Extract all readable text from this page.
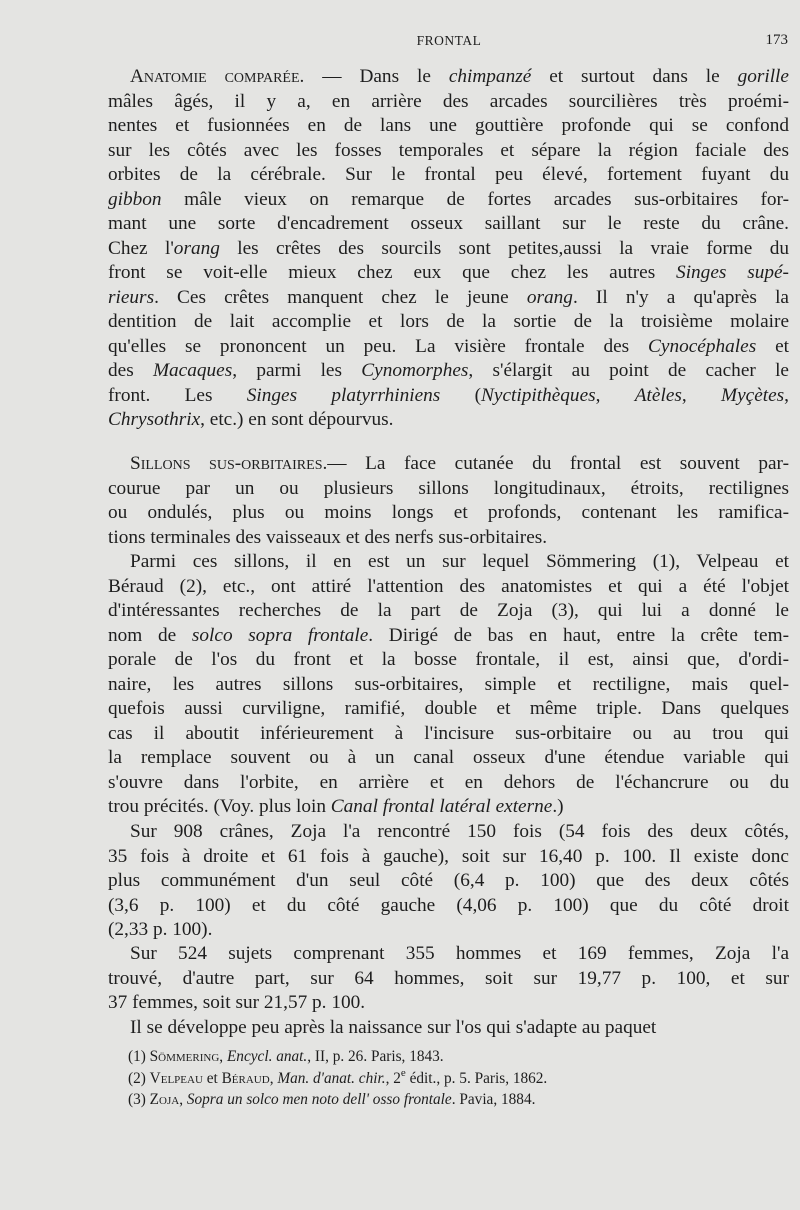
FRONTAL	173
Anatomie comparée. — Dans le chimpanzé et surtout dans le gorille
mâles âgés, il y a, en arrière des arcades sourcilières très proémi-
nentes et fusionnées en de lans une gouttière profonde qui se confond
sur les côtés avec les fosses temporales et sépare la région faciale des
orbites de la cérébrale. Sur le frontal peu élevé, fortement fuyant du
gibbon mâle vieux on remarque de fortes arcades sus-orbitaires for-
mant une sorte d'encadrement osseux saillant sur le reste du crâne.
Chez l'orang les crêtes des sourcils sont petites,aussi la vraie forme du
front se voit-elle mieux chez eux que chez les autres Singes supé-
rieurs. Ces crêtes manquent chez le jeune orang. Il n'y a qu'après la
dentition de lait accomplie et lors de la sortie de la troisième molaire
qu'elles se prononcent un peu. La visière frontale des Cynocéphales et
des Macaques, parmi les Cynomorphes, s'élargit au point de cacher le
front. Les Singes platyrrhiniens (Nyctipithèques, Atèles, Myçètes,
Chrysothrix, etc.) en sont dépourvus.
Sillons sus-orbitaires.— La face cutanée du frontal est souvent par-
courue par un ou plusieurs sillons longitudinaux, étroits, rectilignes
ou ondulés, plus ou moins longs et profonds, contenant les ramifica-
tions terminales des vaisseaux et des nerfs sus-orbitaires.
Parmi ces sillons, il en est un sur lequel Sömmering (1), Velpeau et
Béraud (2), etc., ont attiré l'attention des anatomistes et qui a été l'objet
d'intéressantes recherches de la part de Zoja (3), qui lui a donné le
nom de solco sopra frontale. Dirigé de bas en haut, entre la crête tem-
porale de l'os du front et la bosse frontale, il est, ainsi que, d'ordi-
naire, les autres sillons sus-orbitaires, simple et rectiligne, mais quel-
quefois aussi curviligne, ramifié, double et même triple. Dans quelques
cas il aboutit inférieurement à l'incisure sus-orbitaire ou au trou qui
la remplace souvent ou à un canal osseux d'une étendue variable qui
s'ouvre dans l'orbite, en arrière et en dehors de l'échancrure ou du
trou précités. (Voy. plus loin Canal frontal latéral externe.)
Sur 908 crânes, Zoja l'a rencontré 150 fois (54 fois des deux côtés,
35 fois à droite et 61 fois à gauche), soit sur 16,40 p. 100. Il existe donc
plus communément d'un seul côté (6,4 p. 100) que des deux côtés
(3,6 p. 100) et du côté gauche (4,06 p. 100) que du côté droit
(2,33 p. 100).
Sur 524 sujets comprenant 355 hommes et 169 femmes, Zoja l'a
trouvé, d'autre part, sur 64 hommes, soit sur 19,77 p. 100, et sur
37 femmes, soit sur 21,57 p. 100.
Il se développe peu après la naissance sur l'os qui s'adapte au paquet
(1) Sömmering, Encycl. anat., II, p. 26. Paris, 1843.
(2) Velpeau et Béraud, Man. d'anat. chir., 2e édit., p. 5. Paris, 1862.
(3) Zoja, Sopra un solco men noto dell' osso frontale. Pavia, 1884.
